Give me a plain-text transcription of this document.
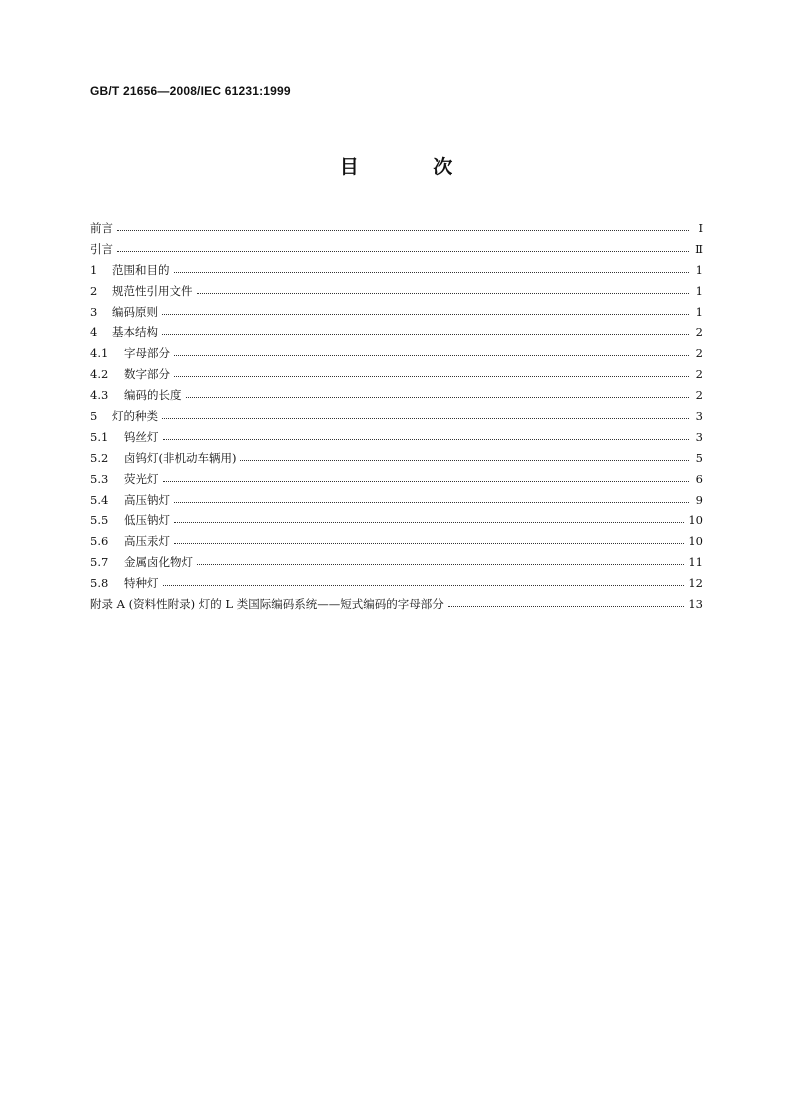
GB/T 21656—2008/IEC 61231:1999
目 次
前言	Ⅰ
引言	Ⅱ
1	范围和目的	1
2	规范性引用文件	1
3	编码原则	1
4	基本结构	2
4.1	字母部分	2
4.2	数字部分	2
4.3	编码的长度	2
5	灯的种类	3
5.1	钨丝灯	3
5.2	卤钨灯(非机动车辆用)	5
5.3	荧光灯	6
5.4	高压钠灯	9
5.5	低压钠灯	10
5.6	高压汞灯	10
5.7	金属卤化物灯	11
5.8	特种灯	12
附录 A (资料性附录) 灯的 L 类国际编码系统——短式编码的字母部分	13
